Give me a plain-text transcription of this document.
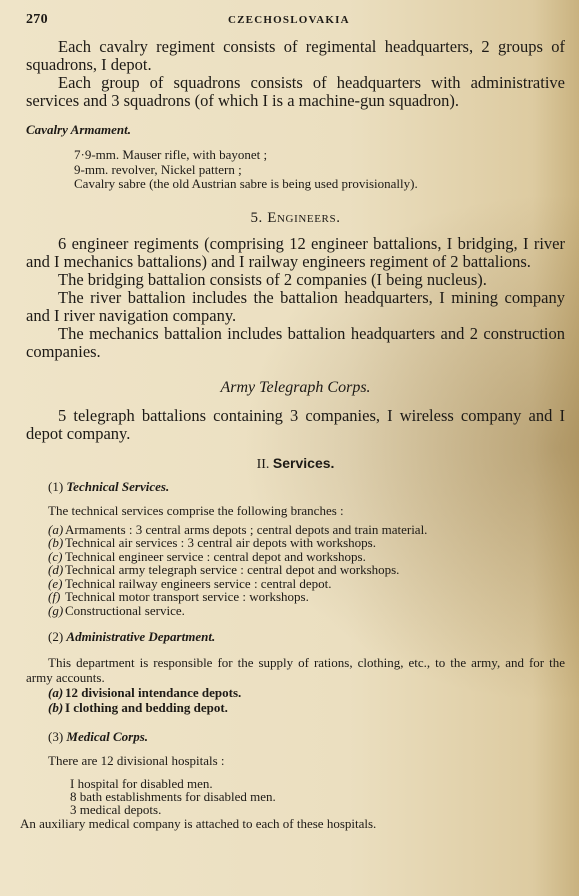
270	CZECHOSLOVAKIA

Each cavalry regiment consists of regimental headquarters, 2 groups of squadrons, I depot.

Each group of squadrons consists of headquarters with administrative services and 3 squadrons (of which I is a machine-gun squadron).

Cavalry Armament.

7·9-mm. Mauser rifle, with bayonet ;
9-mm. revolver, Nickel pattern ;
Cavalry sabre (the old Austrian sabre is being used provisionally).

5. Engineers.

6 engineer regiments (comprising 12 engineer battalions, I bridging, I river and I mechanics battalions) and I railway engineers regiment of 2 battalions.

The bridging battalion consists of 2 companies (I being nucleus).

The river battalion includes the battalion headquarters, I mining company and I river navigation company.

The mechanics battalion includes battalion headquarters and 2 construction companies.

Army Telegraph Corps.

5 telegraph battalions containing 3 companies, I wireless company and I depot company.

II. Services.

(1) Technical Services.

The technical services comprise the following branches :

(a) Armaments : 3 central arms depots ; central depots and train material.
(b) Technical air services : 3 central air depots with workshops.
(c) Technical engineer service : central depot and workshops.
(d) Technical army telegraph service : central depot and workshops.
(e) Technical railway engineers service : central depot.
(f) Technical motor transport service : workshops.
(g) Constructional service.

(2) Administrative Department.

This department is responsible for the supply of rations, clothing, etc., to the army, and for the army accounts.

(a) 12 divisional intendance depots.
(b) I clothing and bedding depot.

(3) Medical Corps.

There are 12 divisional hospitals :

I hospital for disabled men.
8 bath establishments for disabled men.
3 medical depots.

An auxiliary medical company is attached to each of these hospitals.
